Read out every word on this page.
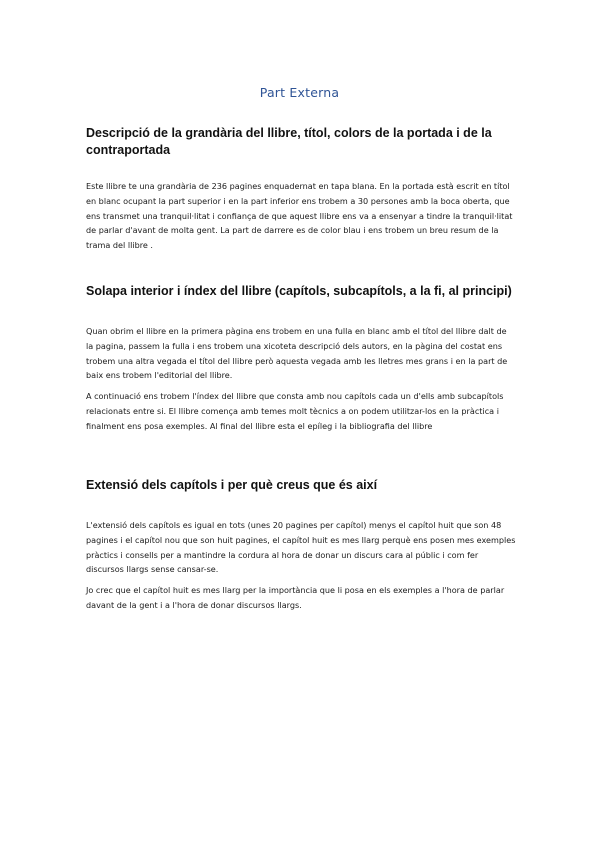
Part Externa
Descripció de la grandària del llibre, títol, colors de la portada i de la contraportada

Este llibre te una grandària de 236 pagines enquadernat en tapa blana. En la portada està escrit en títol en blanc ocupant la part superior i en la part inferior ens trobem a 30 persones amb la boca oberta, que ens transmet una tranquil·litat i confiança de que aquest llibre ens va a ensenyar a tindre la tranquil·litat de parlar d'avant de molta gent. La part de darrere es de color blau i ens trobem un breu resum de la trama del llibre .

Solapa interior i índex del llibre (capítols, subcapítols, a la fi, al principi)

Quan obrim el llibre en la primera pàgina ens trobem en una fulla en blanc amb el títol del llibre dalt de la pagina, passem la fulla i ens trobem una xicoteta descripció dels autors, en la pàgina del costat ens trobem una altra vegada el títol del llibre però aquesta vegada amb les lletres mes grans i en la part de baix ens trobem l'editorial del llibre.

A continuació ens trobem l'índex del llibre que consta amb nou capítols cada un d'ells amb subcapítols relacionats entre si. El llibre comença amb temes molt tècnics a on podem utilitzar-los en la pràctica i finalment ens posa exemples. Al final del llibre esta el epíleg i la bibliografia del llibre

Extensió dels capítols i per què creus que és així

L'extensió dels capítols es igual en tots (unes 20 pagines per capítol) menys el capítol huit que son 48 pagines i el capítol nou que son huit pagines, el capítol huit es mes llarg perquè ens posen mes exemples pràctics i consells per a mantindre la cordura al hora de donar un discurs cara al públic i com fer discursos llargs sense cansar-se.

Jo crec que el capítol huit es mes llarg per la importància que li posa en els exemples a l'hora de parlar davant de la gent i a l'hora de donar discursos llargs.
